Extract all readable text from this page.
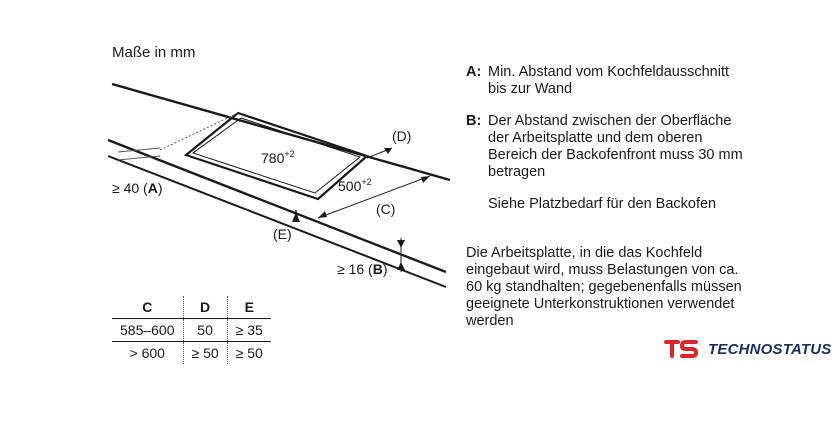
Maße in mm
$780^{+2}$
$500^{+2}$
≥ 40 (A)
≥ 16 (B)
(C)
(D)
(E)
C	D	E
585–600	50	≥ 35
> 600	≥ 50	≥ 50
A: Min. Abstand vom Kochfeldausschnitt
bis zur Wand
B: Der Abstand zwischen der Oberfläche
der Arbeitsplatte und dem oberen
Bereich der Backofenfront muss 30 mm
betragen
Siehe Platzbedarf für den Backofen
Die Arbeitsplatte, in die das Kochfeld
eingebaut wird, muss Belastungen von ca.
60 kg standhalten; gegebenenfalls müssen
geeignete Unterkonstruktionen verwendet
werden
TECHNOSTATUS
